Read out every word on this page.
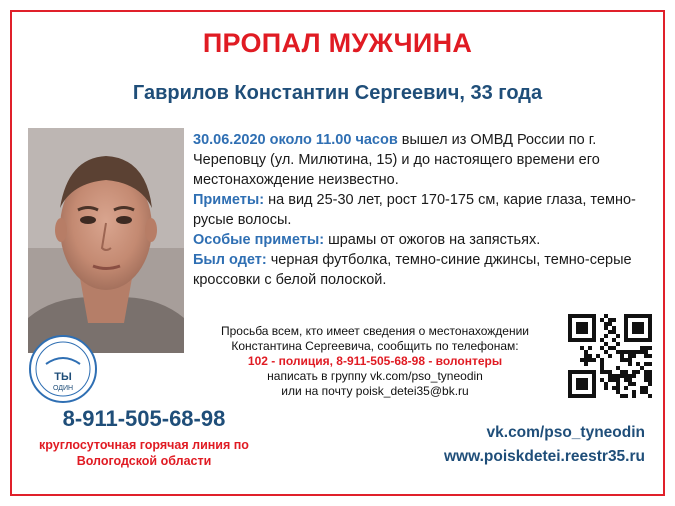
ПРОПАЛ МУЖЧИНА
Гаврилов Константин Сергеевич, 33 года
ТЫ
ОДИН

30.06.2020 около 11.00 часов вышел из ОМВД России по г. Череповцу (ул. Милютина, 15) и до настоящего времени его местонахождение неизвестно.

Приметы: на вид 25-30 лет, рост 170-175 см, карие глаза, темно-русые волосы.

Особые приметы: шрамы от ожогов на запястьях.

Был одет: черная футболка, темно-синие джинсы, темно-серые кроссовки с белой полоской.

Просьба всем, кто имеет сведения о местонахождении
Константина Сергеевича, сообщить по телефонам:
102 - полиция, 8-911-505-68-98 - волонтеры
написать в группу vk.com/pso_tyneodin
или на почту poisk_detei35@bk.ru
8-911-505-68-98
круглосуточная горячая линия по
Вологодской области
vk.com/pso_tyneodin
www.poiskdetei.reestr35.ru
